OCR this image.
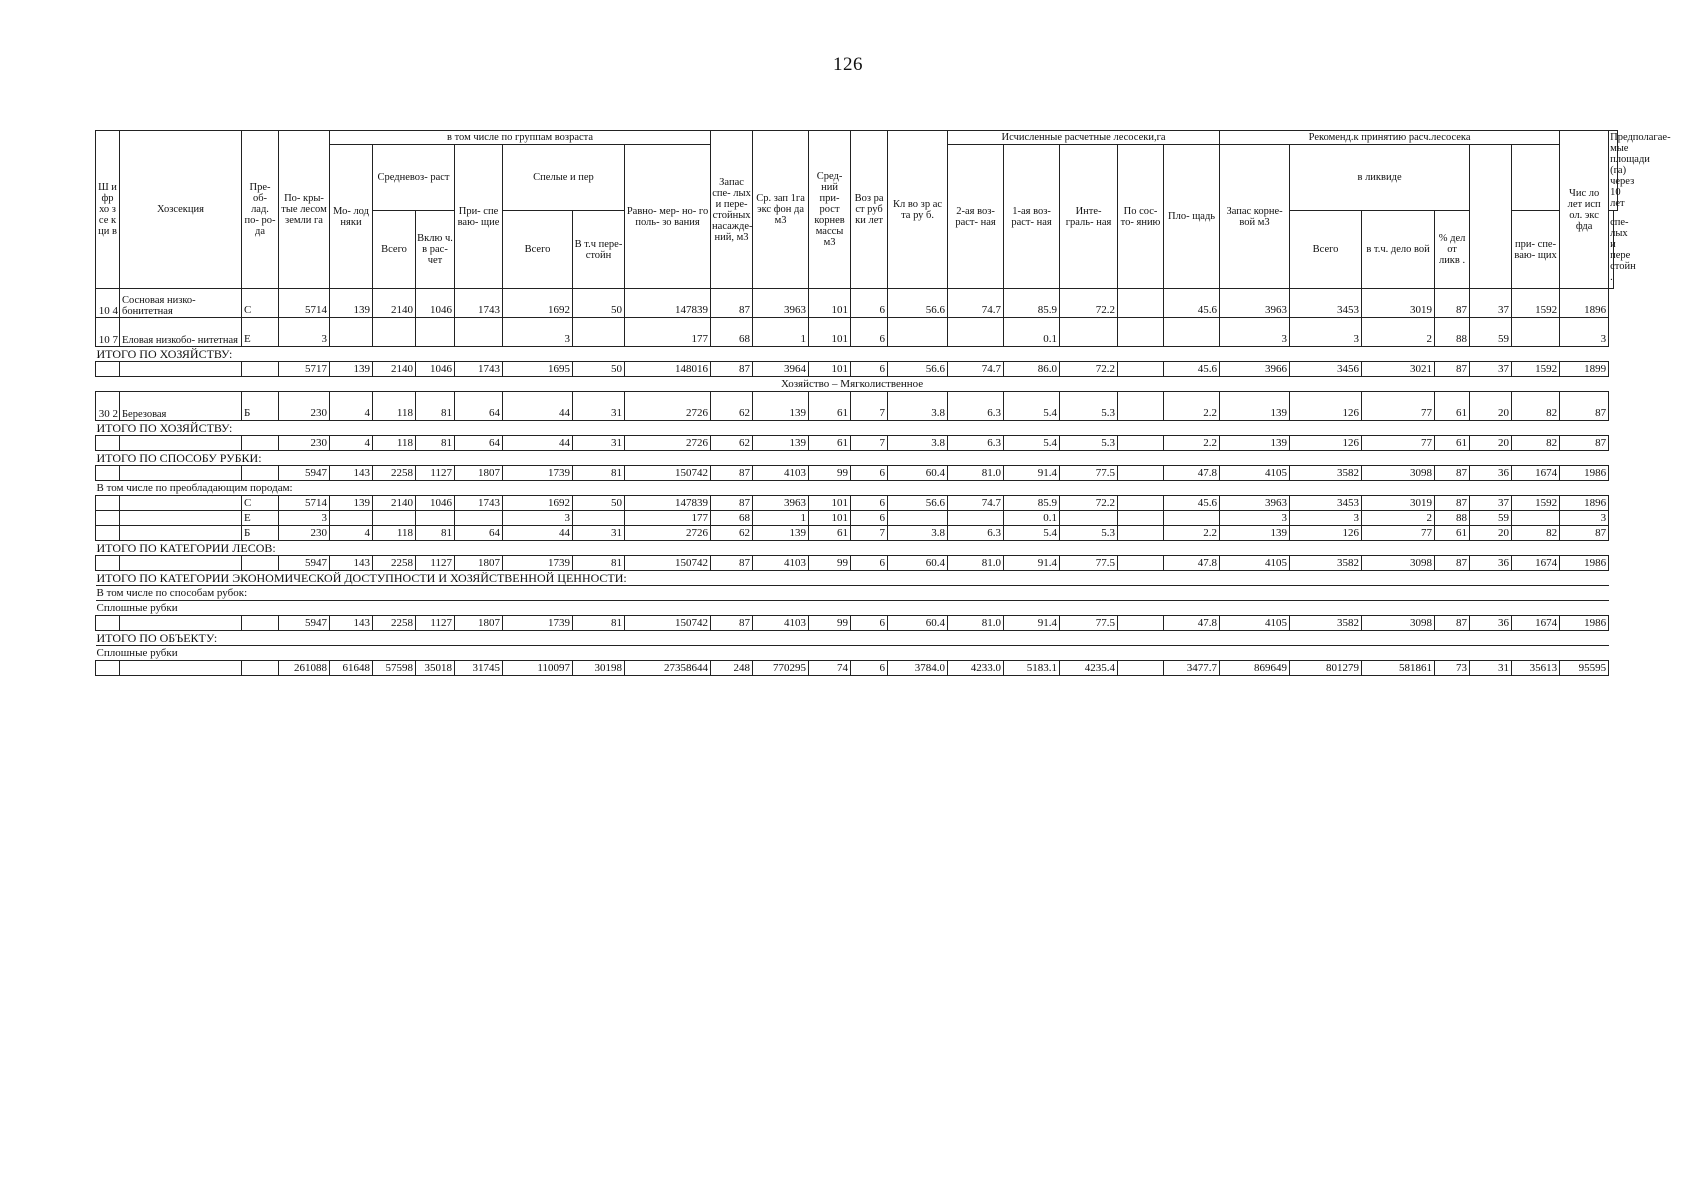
126
Ш и фр хо з се к ци в	Хозсекция	Пре- об- лад. по- ро- да	По- кры- тые лесом земли га	в том числе по группам возраста							Запас спе- лых и пере- стойных насажде- ний, м3	Ср. зап 1га экс фон да м3	Сред- ний при- рост корнев массы м3	Воз ра ст руб ки лет	Кл во зр ас та ру б.	Исчисленные расчетные лесосеки,га					Рекоменд.к принятию расч.лесосека						Чис ло лет исп ол. экс фда	Предполагае- мые площади (га) через 10 лет
				Мо- лод няки	Средневоз- раст		При- спе ваю- щие	Спелые и пер		Равно- мер- но- го поль- зо вания						2-ая воз- раст- ная	1-ая воз- раст- ная	Инте- граль- ная	По сос- то- янию	Пло- щадь	Запас корне- вой м3	в ликвиде						
					Всего	Вклю ч. в рас- чет		Всего	В т.ч пере- стойн													Всего	в т.ч. дело вой	% дел от ликв .		при- спе- ваю- щих		спе- лых и пере стойн .
10 4	Сосновая низко- бонитетная	С	5714	139	2140	1046	1743	1692	50	147839	87	3963	101	6	56.6	74.7	85.9	72.2		45.6	3963	3453	3019	87	37	1592	1896	
10 7	Еловая низкобо- нитетная	Е	3					3		177	68	1	101	6			0.1				3	3	2	88	59		3	
ИТОГО ПО ХОЗЯЙСТВУ:																												
			5717	139	2140	1046	1743	1695	50	148016	87	3964	101	6	56.6	74.7	86.0	72.2		45.6	3966	3456	3021	87	37	1592	1899	
Хозяйство – Мягколиственное																												
30 2	Березовая	Б	230	4	118	81	64	44	31	2726	62	139	61	7	3.8	6.3	5.4	5.3		2.2	139	126	77	61	20	82	87	
ИТОГО ПО ХОЗЯЙСТВУ:																												
			230	4	118	81	64	44	31	2726	62	139	61	7	3.8	6.3	5.4	5.3		2.2	139	126	77	61	20	82	87	
ИТОГО ПО СПОСОБУ РУБКИ:																												
			5947	143	2258	1127	1807	1739	81	150742	87	4103	99	6	60.4	81.0	91.4	77.5		47.8	4105	3582	3098	87	36	1674	1986	
В том числе по преобладающим породам:																												
		С	5714	139	2140	1046	1743	1692	50	147839	87	3963	101	6	56.6	74.7	85.9	72.2		45.6	3963	3453	3019	87	37	1592	1896	
		Е	3					3		177	68	1	101	6			0.1				3	3	2	88	59		3	
		Б	230	4	118	81	64	44	31	2726	62	139	61	7	3.8	6.3	5.4	5.3		2.2	139	126	77	61	20	82	87	
ИТОГО ПО КАТЕГОРИИ ЛЕСОВ:																												
			5947	143	2258	1127	1807	1739	81	150742	87	4103	99	6	60.4	81.0	91.4	77.5		47.8	4105	3582	3098	87	36	1674	1986	
ИТОГО ПО КАТЕГОРИИ ЭКОНОМИЧЕСКОЙ ДОСТУПНОСТИ И ХОЗЯЙСТВЕННОЙ ЦЕННОСТИ:																												
В том числе по способам рубок:																												
Сплошные рубки																												
			5947	143	2258	1127	1807	1739	81	150742	87	4103	99	6	60.4	81.0	91.4	77.5		47.8	4105	3582	3098	87	36	1674	1986	
ИТОГО ПО ОБЪЕКТУ:																												
Сплошные рубки																												
			261088	61648	57598	35018	31745	110097	30198	27358644	248	770295	74	6	3784.0	4233.0	5183.1	4235.4		3477.7	869649	801279	581861	73	31	35613	95595	
